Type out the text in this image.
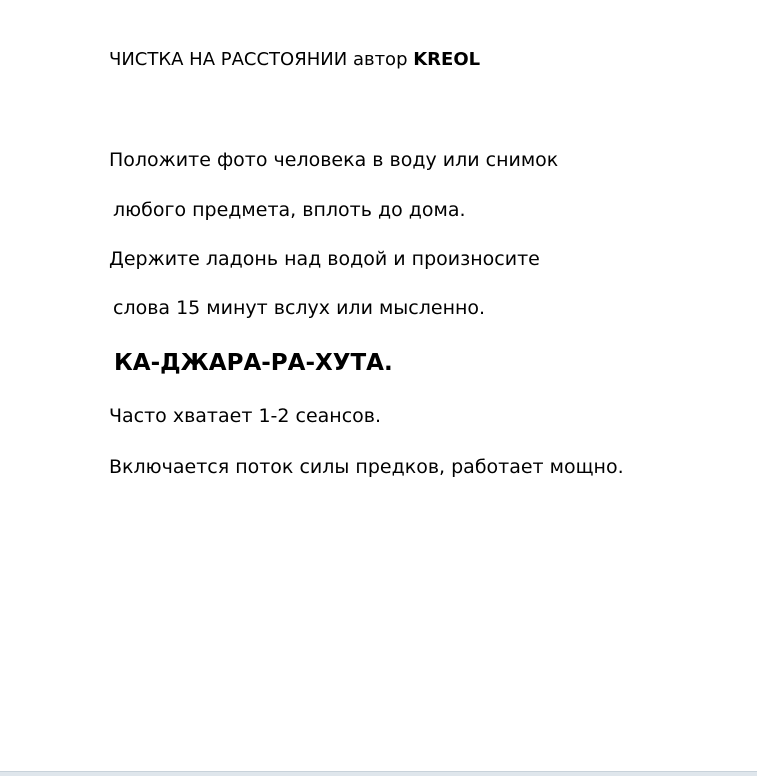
ЧИСТКА НА РАССТОЯНИИ автор KREOL
Положите фото человека в воду или снимок
любого предмета, вплоть до дома.
Держите ладонь над водой и произносите
слова 15 минут вслух или мысленно.
КА-ДЖАРА-РА-ХУТА.
Часто хватает 1-2 сеансов.
Включается поток силы предков, работает мощно.
